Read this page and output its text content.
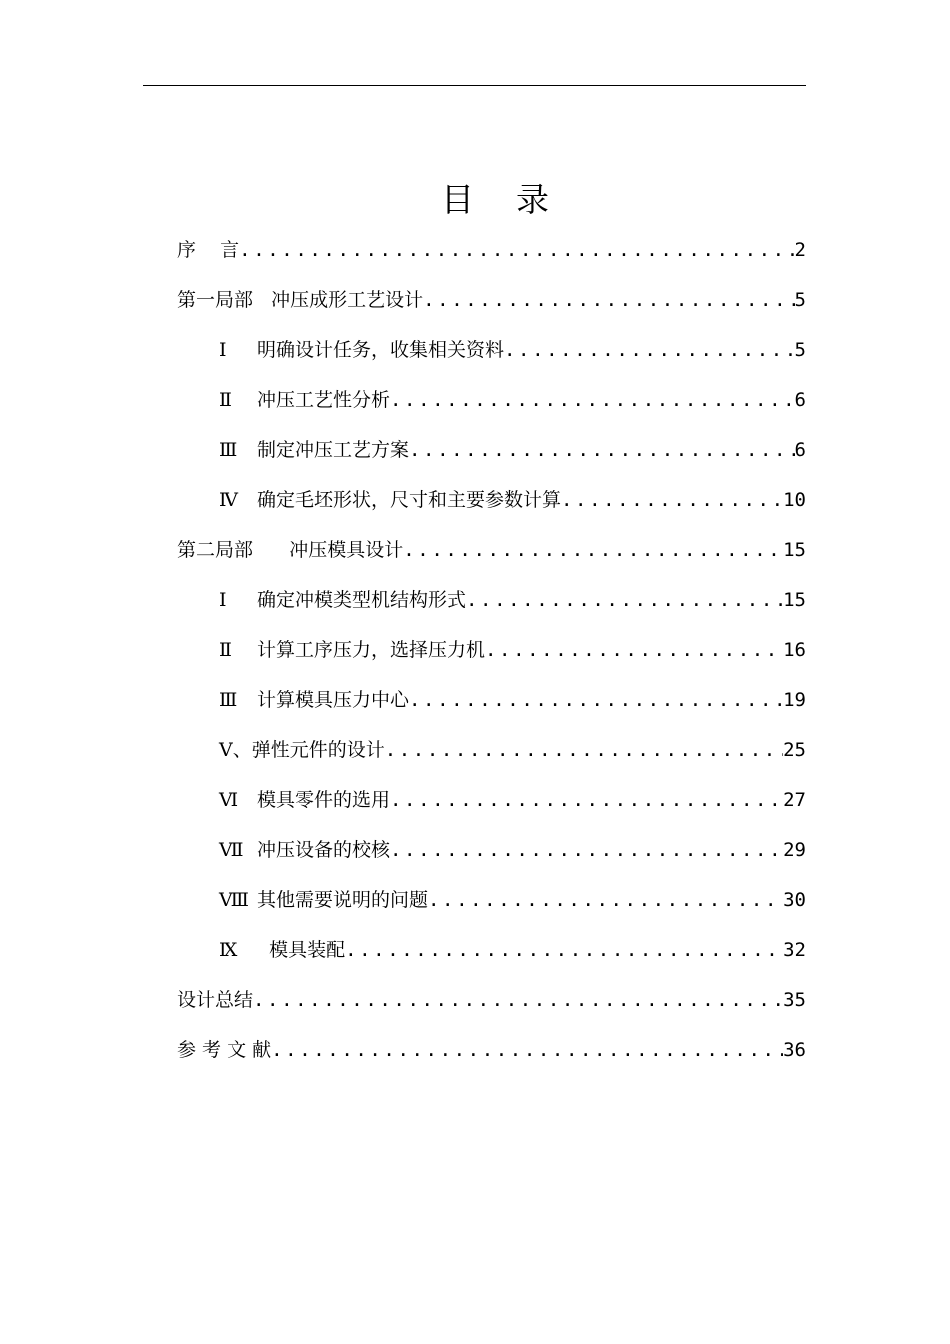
目    录
序    言 .....	2
第一局部   冲压成形工艺设计 .....	5
Ⅰ	明确设计任务，收集相关资料 .....	5
Ⅱ	冲压工艺性分析 .....	6
Ⅲ	制定冲压工艺方案 .....	6
Ⅳ	确定毛坯形状，尺寸和主要参数计算 .....	10
第二局部      冲压模具设计 .....	15
Ⅰ	确定冲模类型机结构形式 .....	15
Ⅱ	计算工序压力，选择压力机 .....	16
Ⅲ	计算模具压力中心 .....	19
Ⅴ、弹性元件的设计 .....	25
Ⅵ 模具零件的选用 .....	27
Ⅶ 冲压设备的校核 .....	29
Ⅷ 其他需要说明的问题 .....	30
Ⅸ	模具装配 .....	32
设计总结 .....	35
参 考 文 献 .....	36
